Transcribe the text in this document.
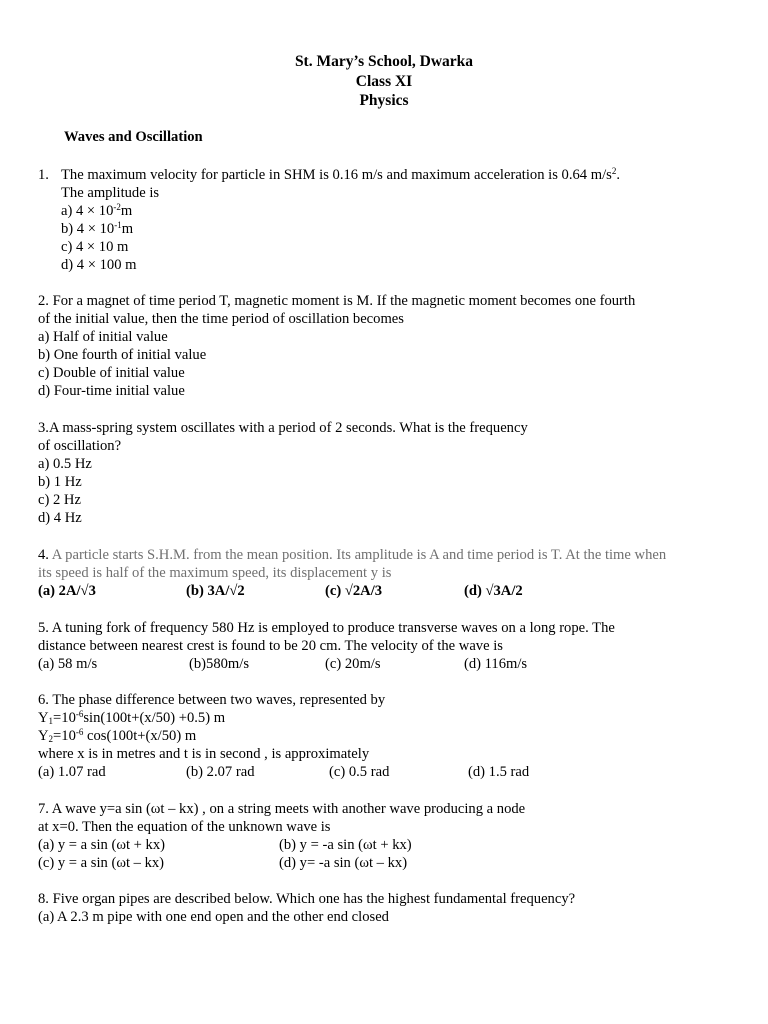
St. Mary’s School, Dwarka
Class XI
Physics
Waves and Oscillation
1. The maximum velocity for particle in SHM is 0.16 m/s and maximum acceleration is 0.64 $m/s^2$.
The amplitude is
a) $4 \times 10^{-2}m$
b) $4 \times 10^{-1}m$
c) 4 × 10 m
d) 4 × 100 m
2. For a magnet of time period T, magnetic moment is M. If the magnetic moment becomes one fourth
of the initial value, then the time period of oscillation becomes
a) Half of initial value
b) One fourth of initial value
c) Double of initial value
d) Four-time initial value
3.A mass-spring system oscillates with a period of 2 seconds. What is the frequency
of oscillation?
a) 0.5 Hz
b) 1 Hz
c) 2 Hz
d) 4 Hz
4. A particle starts S.H.M. from the mean position. Its amplitude is A and time period is T. At the time when
its speed is half of the maximum speed, its displacement y is
(a) 2A/√3	(b) 3A/√2	(c) √2A/3	(d) √3A/2
5. A tuning fork of frequency 580 Hz is employed to produce transverse waves on a long rope. The
distance between nearest crest is found to be 20 cm. The velocity of the wave is
(a) 58 m/s	(b)580m/s	(c) 20m/s	(d) 116m/s
6. The phase difference between two waves, represented by
$Y_1=10^{-6}\sin(100t+(x/50) +0.5)$ m
$Y_2=10^{-6}$ cos(100t+(x/50) m
where x is in metres and t is in second , is approximately
(a) 1.07 rad	(b) 2.07 rad	(c) 0.5 rad	(d) 1.5 rad
7. A wave y=a sin (ωt – kx) , on a string meets with another wave producing a node
at x=0. Then the equation of the unknown wave is
(a) y = a sin (ωt + kx)	(b) y = -a sin (ωt + kx)
(c) y = a sin (ωt – kx)	(d) y= -a sin (ωt – kx)
8. Five organ pipes are described below. Which one has the highest fundamental frequency?
(a) A 2.3 m pipe with one end open and the other end closed
